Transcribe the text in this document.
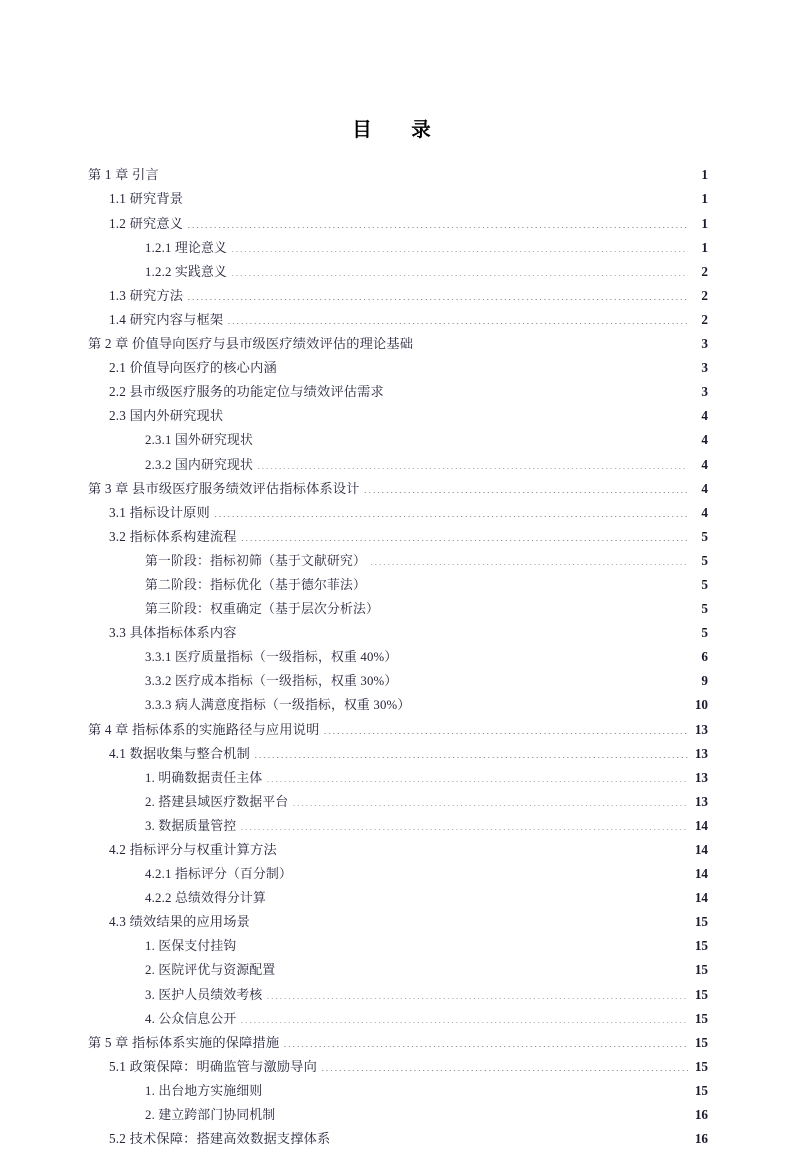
目　录
第 1 章 引言 .....	1
1.1 研究背景 .....	1
1.2 研究意义 .....	1
1.2.1 理论意义 .....	1
1.2.2 实践意义 .....	2
1.3 研究方法 .....	2
1.4 研究内容与框架 .....	2
第 2 章 价值导向医疗与县市级医疗绩效评估的理论基础 .....	3
2.1 价值导向医疗的核心内涵 .....	3
2.2 县市级医疗服务的功能定位与绩效评估需求 .....	3
2.3 国内外研究现状 .....	4
2.3.1 国外研究现状 .....	4
2.3.2 国内研究现状 .....	4
第 3 章 县市级医疗服务绩效评估指标体系设计 .....	4
3.1 指标设计原则 .....	4
3.2 指标体系构建流程 .....	5
第一阶段：指标初筛（基于文献研究） .....	5
第二阶段：指标优化（基于德尔菲法） .....	5
第三阶段：权重确定（基于层次分析法） .....	5
3.3 具体指标体系内容 .....	5
3.3.1 医疗质量指标（一级指标，权重 40%） .....	6
3.3.2 医疗成本指标（一级指标，权重 30%） .....	9
3.3.3 病人满意度指标（一级指标，权重 30%） .....	10
第 4 章 指标体系的实施路径与应用说明 .....	13
4.1 数据收集与整合机制 .....	13
1. 明确数据责任主体 .....	13
2. 搭建县域医疗数据平台 .....	13
3. 数据质量管控 .....	14
4.2 指标评分与权重计算方法 .....	14
4.2.1 指标评分（百分制） .....	14
4.2.2 总绩效得分计算 .....	14
4.3 绩效结果的应用场景 .....	15
1. 医保支付挂钩 .....	15
2. 医院评优与资源配置 .....	15
3. 医护人员绩效考核 .....	15
4. 公众信息公开 .....	15
第 5 章 指标体系实施的保障措施 .....	15
5.1 政策保障：明确监管与激励导向 .....	15
1. 出台地方实施细则 .....	15
2. 建立跨部门协同机制 .....	16
5.2 技术保障：搭建高效数据支撑体系 .....	16
